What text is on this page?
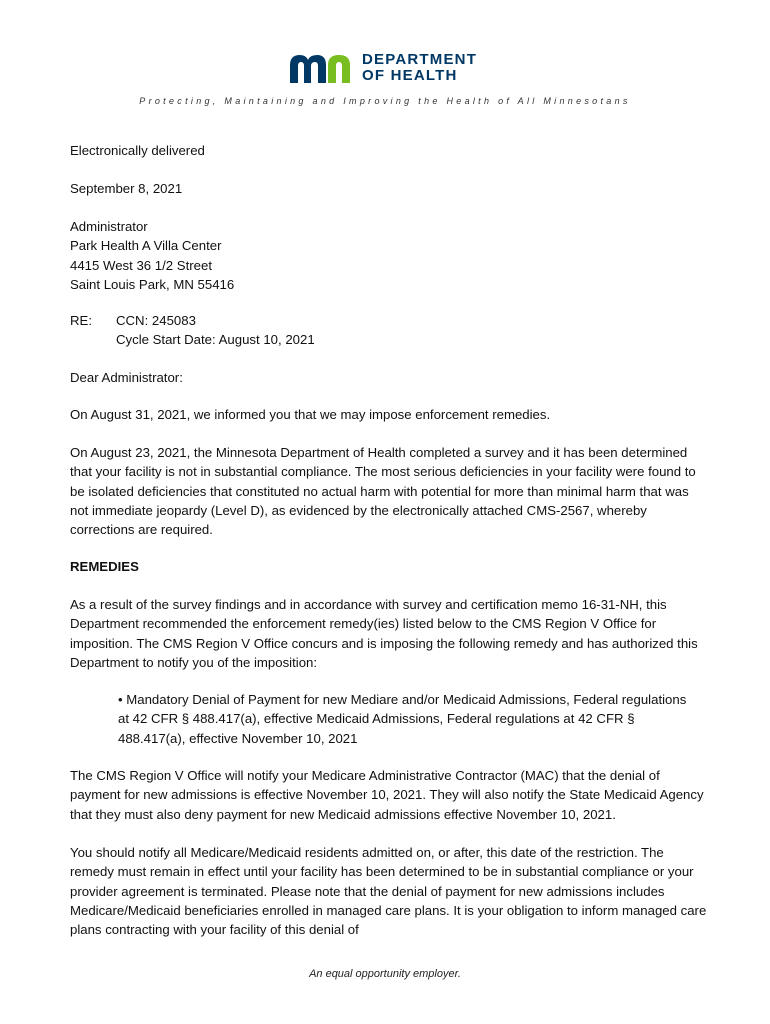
DEPARTMENT
OF HEALTH
Protecting, Maintaining and Improving the Health of All Minnesotans
Electronically delivered
September 8, 2021
Administrator
Park Health A Villa Center
4415 West 36 1/2 Street
Saint Louis Park, MN 55416
RE: CCN: 245083
Cycle Start Date: August 10, 2021
Dear Administrator:
On August 31, 2021, we informed you that we may impose enforcement remedies.
On August 23, 2021, the Minnesota Department of Health completed a survey and it has been determined that your facility is not in substantial compliance. The most serious deficiencies in your facility were found to be isolated deficiencies that constituted no actual harm with potential for more than minimal harm that was not immediate jeopardy (Level D), as evidenced by the electronically attached CMS-2567, whereby corrections are required.
REMEDIES
As a result of the survey findings and in accordance with survey and certification memo 16-31-NH, this Department recommended the enforcement remedy(ies) listed below to the CMS Region V Office for imposition. The CMS Region V Office concurs and is imposing the following remedy and has authorized this Department to notify you of the imposition:
• Mandatory Denial of Payment for new Mediare and/or Medicaid Admissions, Federal regulations at 42 CFR § 488.417(a), effective Medicaid Admissions, Federal regulations at 42 CFR § 488.417(a), effective November 10, 2021
The CMS Region V Office will notify your Medicare Administrative Contractor (MAC) that the denial of payment for new admissions is effective November 10, 2021. They will also notify the State Medicaid Agency that they must also deny payment for new Medicaid admissions effective November 10, 2021.
You should notify all Medicare/Medicaid residents admitted on, or after, this date of the restriction. The remedy must remain in effect until your facility has been determined to be in substantial compliance or your provider agreement is terminated. Please note that the denial of payment for new admissions includes Medicare/Medicaid beneficiaries enrolled in managed care plans. It is your obligation to inform managed care plans contracting with your facility of this denial of
An equal opportunity employer.
